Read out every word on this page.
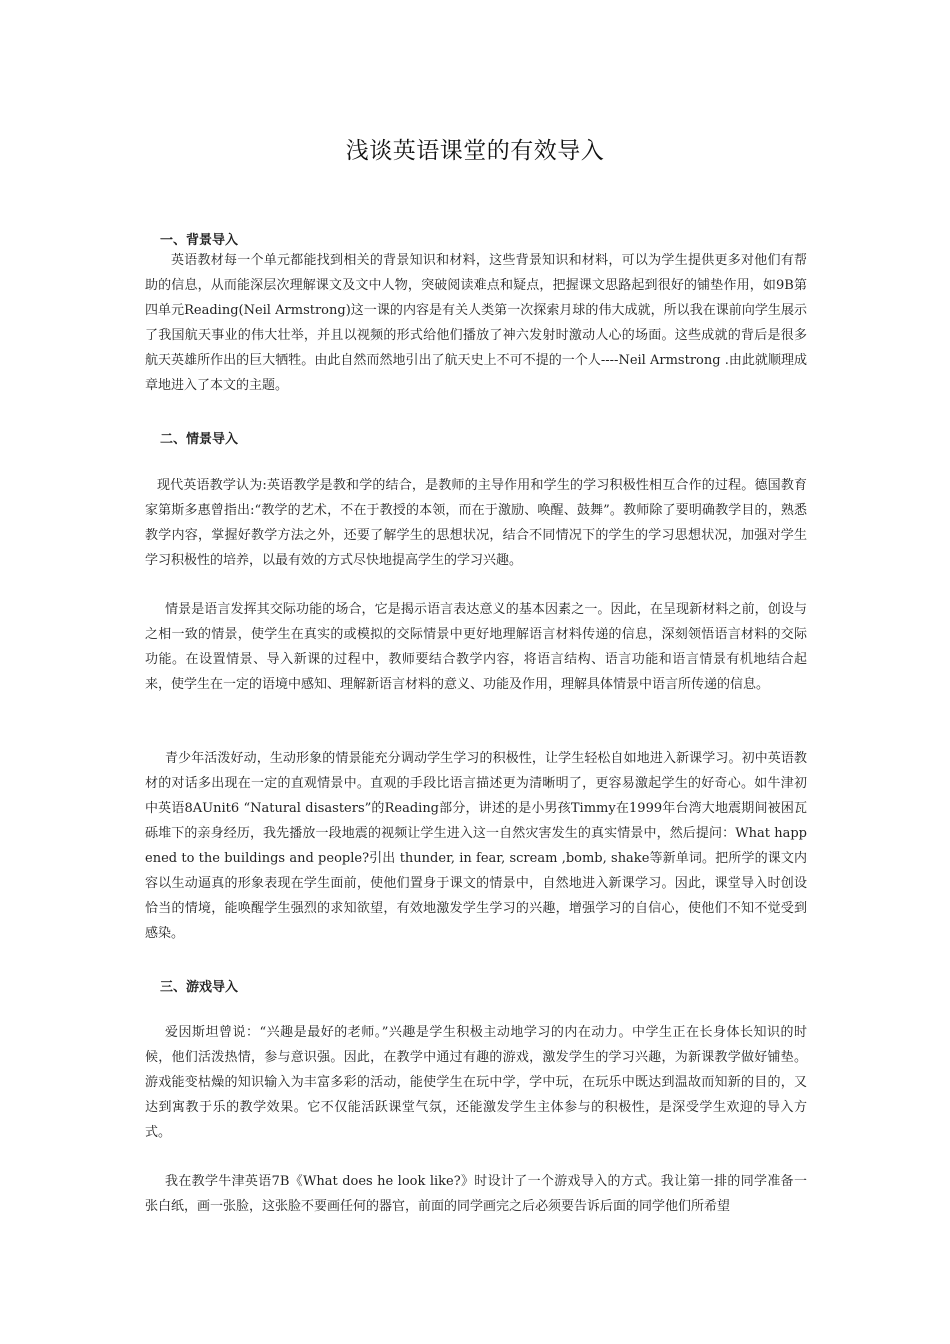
浅谈英语课堂的有效导入
一、背景导入

英语教材每一个单元都能找到相关的背景知识和材料，这些背景知识和材料，可以为学生提供更多对他们有帮助的信息，从而能深层次理解课文及文中人物，突破阅读难点和疑点，把握课文思路起到很好的铺垫作用，如9B第四单元Reading(Neil Armstrong)这一课的内容是有关人类第一次探索月球的伟大成就，所以我在课前向学生展示了我国航天事业的伟大壮举，并且以视频的形式给他们播放了神六发射时激动人心的场面。这些成就的背后是很多航天英雄所作出的巨大牺牲。由此自然而然地引出了航天史上不可不提的一个人----Neil Armstrong .由此就顺理成章地进入了本文的主题。

二、情景导入

现代英语教学认为:英语教学是教和学的结合，是教师的主导作用和学生的学习积极性相互合作的过程。德国教育家第斯多惠曾指出:“教学的艺术，不在于教授的本领，而在于激励、唤醒、鼓舞”。教师除了要明确教学目的，熟悉教学内容，掌握好教学方法之外，还要了解学生的思想状况，结合不同情况下的学生的学习思想状况，加强对学生学习积极性的培养，以最有效的方式尽快地提高学生的学习兴趣。

情景是语言发挥其交际功能的场合，它是揭示语言表达意义的基本因素之一。因此，在呈现新材料之前，创设与之相一致的情景，使学生在真实的或模拟的交际情景中更好地理解语言材料传递的信息，深刻领悟语言材料的交际功能。在设置情景、导入新课的过程中，教师要结合教学内容，将语言结构、语言功能和语言情景有机地结合起来，使学生在一定的语境中感知、理解新语言材料的意义、功能及作用，理解具体情景中语言所传递的信息。

青少年活泼好动，生动形象的情景能充分调动学生学习的积极性，让学生轻松自如地进入新课学习。初中英语教材的对话多出现在一定的直观情景中。直观的手段比语言描述更为清晰明了，更容易激起学生的好奇心。如牛津初中英语8AUnit6 “Natural disasters”的Reading部分，讲述的是小男孩Timmy在1999年台湾大地震期间被困瓦砾堆下的亲身经历，我先播放一段地震的视频让学生进入这一自然灾害发生的真实情景中，然后提问：What happened to the buildings and people?引出 thunder, in fear, scream ,bomb, shake等新单词。把所学的课文内容以生动逼真的形象表现在学生面前，使他们置身于课文的情景中，自然地进入新课学习。因此，课堂导入时创设恰当的情境，能唤醒学生强烈的求知欲望，有效地激发学生学习的兴趣，增强学习的自信心，使他们不知不觉受到感染。

三、游戏导入

爱因斯坦曾说：“兴趣是最好的老师。”兴趣是学生积极主动地学习的内在动力。中学生正在长身体长知识的时候，他们活泼热情，参与意识强。因此，在教学中通过有趣的游戏，激发学生的学习兴趣，为新课教学做好铺垫。游戏能变枯燥的知识输入为丰富多彩的活动，能使学生在玩中学，学中玩，在玩乐中既达到温故而知新的目的，又达到寓教于乐的教学效果。它不仅能活跃课堂气氛，还能激发学生主体参与的积极性，是深受学生欢迎的导入方式。

我在教学牛津英语7B《What does he look like?》时设计了一个游戏导入的方式。我让第一排的同学准备一张白纸，画一张脸，这张脸不要画任何的器官，前面的同学画完之后必须要告诉后面的同学他们所希望
